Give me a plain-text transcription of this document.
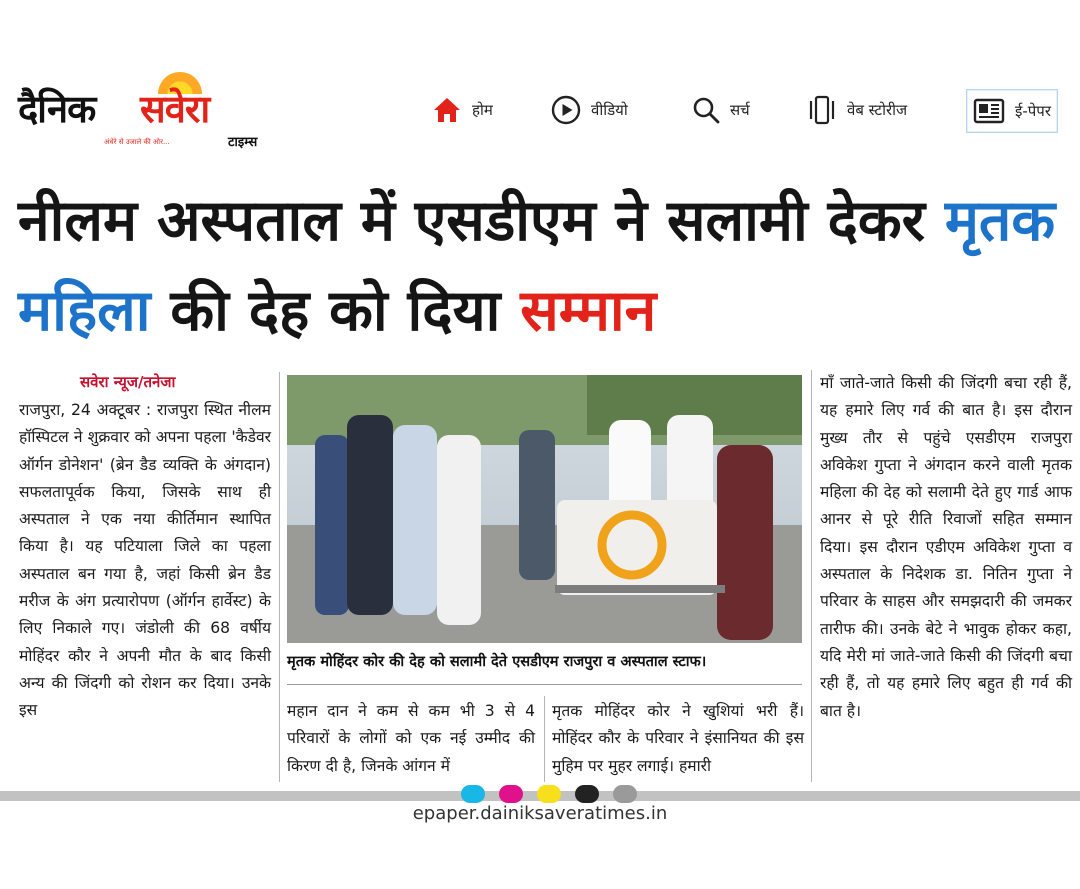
दैनिक सवेरा
अंधेरे से उजाले की ओर...	टाइम्स
होम	वीडियो	सर्च	वेब स्टोरीज	ई-पेपर
नीलम अस्पताल में एसडीएम ने सलामी देकर मृतक महिला की देह को दिया सम्मान
सवेरा न्यूज/तनेजा
राजपुरा, 24 अक्टूबर : राजपुरा स्थित नीलम हॉस्पिटल ने शुक्रवार को अपना पहला 'कैडेवर ऑर्गन डोनेशन' (ब्रेन डैड व्यक्ति के अंगदान) सफलतापूर्वक किया, जिसके साथ ही अस्पताल ने एक नया कीर्तिमान स्थापित किया है। यह पटियाला जिले का पहला अस्पताल बन गया है, जहां किसी ब्रेन डैड मरीज के अंग प्रत्यारोपण (ऑर्गन हार्वेस्ट) के लिए निकाले गए। जंडोली की 68 वर्षीय मोहिंदर कौर ने अपनी मौत के बाद किसी अन्य की जिंदगी को रोशन कर दिया। उनके इस
मृतक मोहिंदर कोर की देह को सलामी देते एसडीएम राजपुरा व अस्पताल स्टाफ।
महान दान ने कम से कम भी 3 से 4 परिवारों के लोगों को एक नई उम्मीद की किरण दी है, जिनके आंगन में
मृतक मोहिंदर कोर ने खुशियां भरी हैं। मोहिंदर कौर के परिवार ने इंसानियत की इस मुहिम पर मुहर लगाई। हमारी
माँ जाते-जाते किसी की जिंदगी बचा रही हैं, यह हमारे लिए गर्व की बात है। इस दौरान मुख्य तौर से पहुंचे एसडीएम राजपुरा अविकेश गुप्ता ने अंगदान करने वाली मृतक महिला की देह को सलामी देते हुए गार्ड आफ आनर से पूरे रीति रिवाजों सहित सम्मान दिया। इस दौरान एडीएम अविकेश गुप्ता व अस्पताल के निदेशक डा. नितिन गुप्ता ने परिवार के साहस और समझदारी की जमकर तारीफ की। उनके बेटे ने भावुक होकर कहा, यदि मेरी मां जाते-जाते किसी की जिंदगी बचा रही हैं, तो यह हमारे लिए बहुत ही गर्व की बात है।
epaper.dainiksaveratimes.in
